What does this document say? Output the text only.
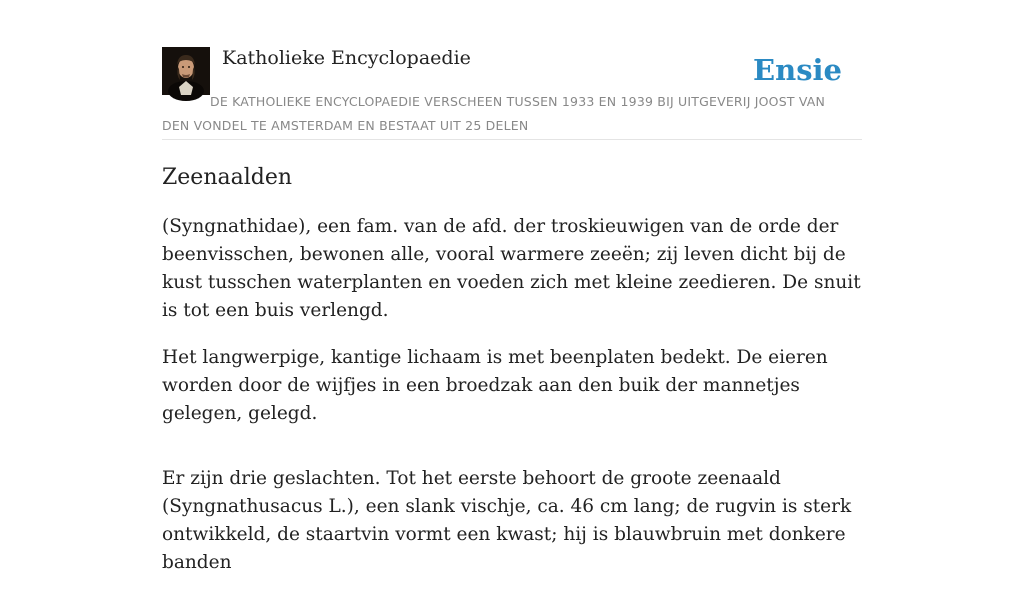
Katholieke Encyclopaedie	Ensie

DE KATHOLIEKE ENCYCLOPAEDIE VERSCHEEN TUSSEN 1933 EN 1939 BIJ UITGEVERIJ JOOST VAN DEN VONDEL TE AMSTERDAM EN BESTAAT UIT 25 DELEN

Zeenaalden

(Syngnathidae), een fam. van de afd. der troskieuwigen van de orde der beenvisschen, bewonen alle, vooral warmere zeeën; zij leven dicht bij de kust tusschen waterplanten en voeden zich met kleine zeedieren. De snuit is tot een buis verlengd.

Het langwerpige, kantige lichaam is met beenplaten bedekt. De eieren worden door de wijfjes in een broedzak aan den buik der mannetjes gelegen, gelegd.

Er zijn drie geslachten. Tot het eerste behoort de groote zeenaald (Syngnathusacus L.), een slank vischje, ca. 46 cm lang; de rugvin is sterk ontwikkeld, de staartvin vormt een kwast; hij is blauwbruin met donkere banden
